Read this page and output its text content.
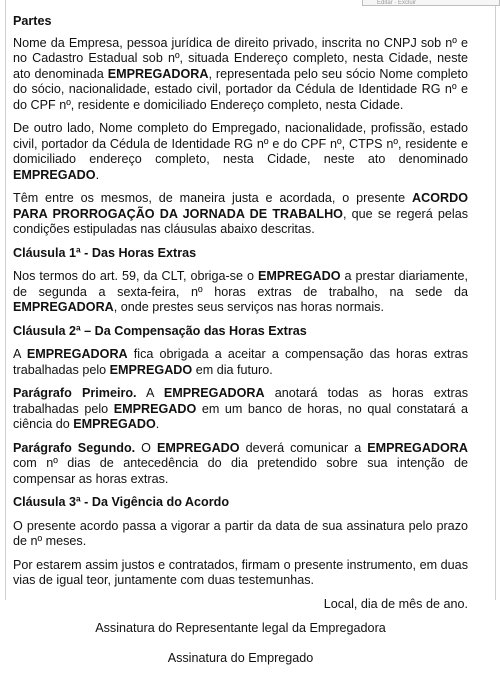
Editar · Excluir
Partes

Nome da Empresa, pessoa jurídica de direito privado, inscrita no CNPJ sob nº e no Cadastro Estadual sob nº, situada Endereço completo, nesta Cidade, neste ato denominada EMPREGADORA, representada pelo seu sócio Nome completo do sócio, nacionalidade, estado civil, portador da Cédula de Identidade RG nº e do CPF nº, residente e domiciliado Endereço completo, nesta Cidade.

De outro lado, Nome completo do Empregado, nacionalidade, profissão, estado civil, portador da Cédula de Identidade RG nº e do CPF nº, CTPS nº, residente e domiciliado endereço completo, nesta Cidade, neste ato denominado EMPREGADO.

Têm entre os mesmos, de maneira justa e acordada, o presente ACORDO PARA PRORROGAÇÃO DA JORNADA DE TRABALHO, que se regerá pelas condições estipuladas nas cláusulas abaixo descritas.

Cláusula 1ª - Das Horas Extras

Nos termos do art. 59, da CLT, obriga-se o EMPREGADO a prestar diariamente, de segunda a sexta-feira, nº horas extras de trabalho, na sede da EMPREGADORA, onde prestes seus serviços nas horas normais.

Cláusula 2ª – Da Compensação das Horas Extras

A EMPREGADORA fica obrigada a aceitar a compensação das horas extras trabalhadas pelo EMPREGADO em dia futuro.

Parágrafo Primeiro. A EMPREGADORA anotará todas as horas extras trabalhadas pelo EMPREGADO em um banco de horas, no qual constatará a ciência do EMPREGADO.

Parágrafo Segundo. O EMPREGADO deverá comunicar a EMPREGADORA com nº dias de antecedência do dia pretendido sobre sua intenção de compensar as horas extras.

Cláusula 3ª - Da Vigência do Acordo

O presente acordo passa a vigorar a partir da data de sua assinatura pelo prazo de nº meses.

Por estarem assim justos e contratados, firmam o presente instrumento, em duas vias de igual teor, juntamente com duas testemunhas.

Local, dia de mês de ano.

Assinatura do Representante legal da Empregadora

Assinatura do Empregado
